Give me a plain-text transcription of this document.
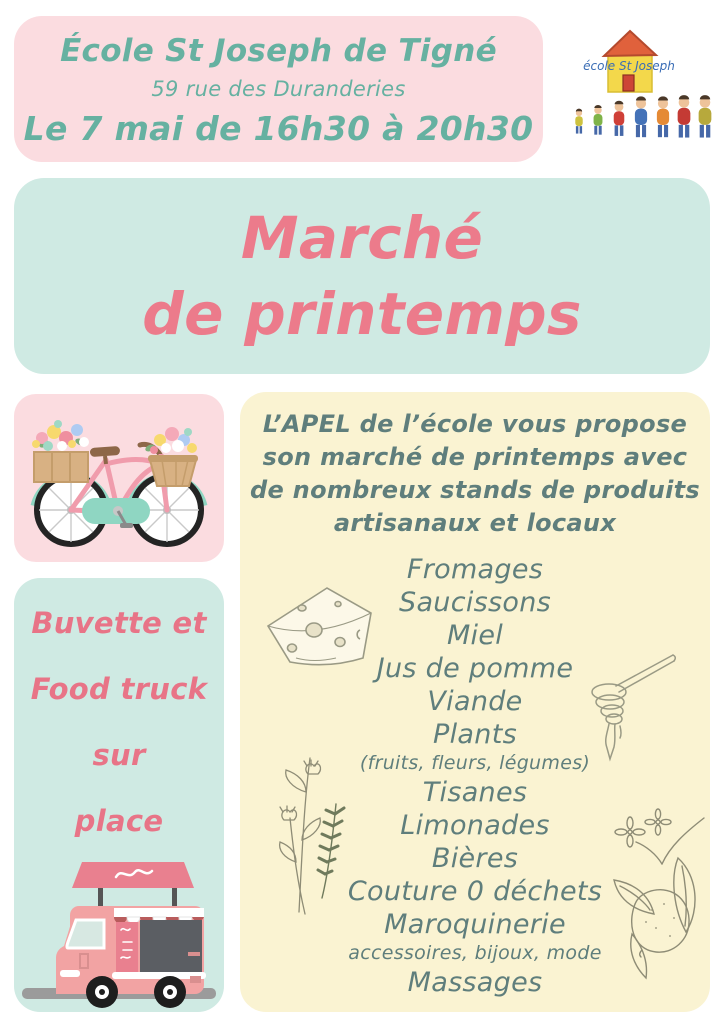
École St Joseph de Tigné
59 rue des Duranderies
Le 7 mai de 16h30 à 20h30
école St Joseph
Marché
de printemps
Buvette et
Food truck
sur
place
L’APEL de l’école vous propose
son marché de printemps avec
de nombreux stands de produits
artisanaux et locaux
Fromages
Saucissons
Miel
Jus de pomme
Viande
Plants
(fruits, fleurs, légumes)
Tisanes
Limonades
Bières
Couture 0 déchets
Maroquinerie
accessoires, bijoux, mode
Massages
